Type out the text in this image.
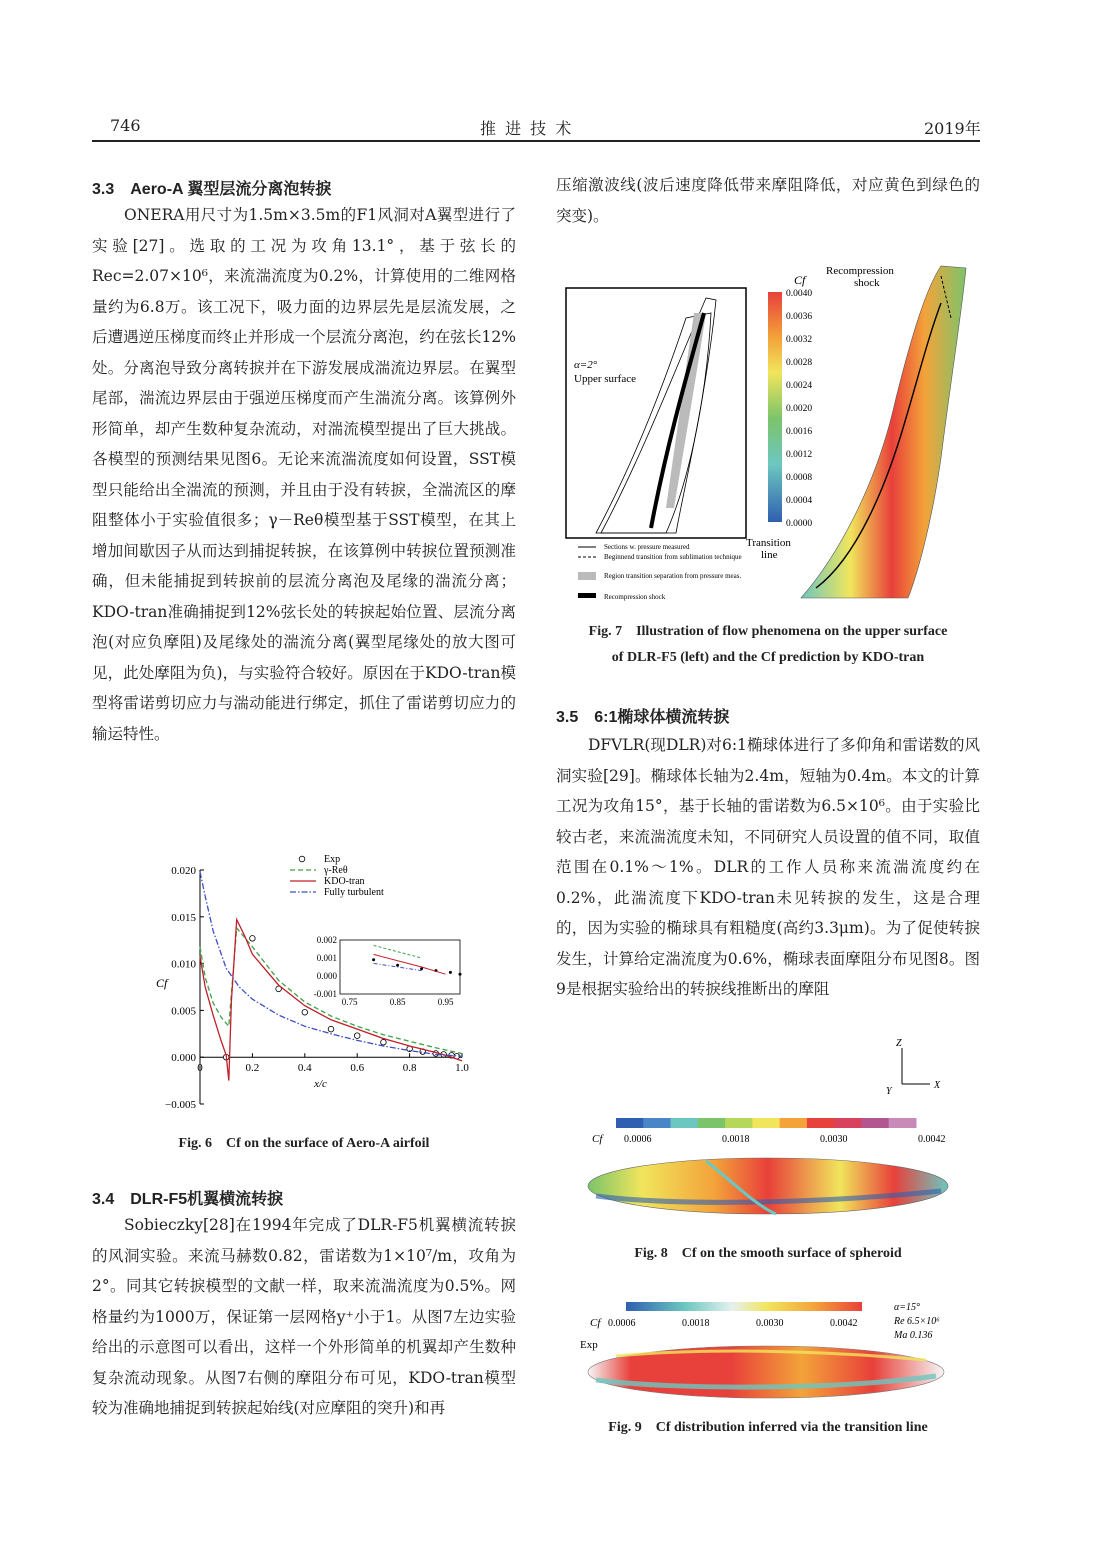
746	推 进 技 术	2019年
3.3　Aero-A 翼型层流分离泡转捩
ONERA用尺寸为1.5m×3.5m的F1风洞对A翼型进行了实验[27]。选取的工况为攻角13.1°，基于弦长的 Rec=2.07×10⁶，来流湍流度为0.2%，计算使用的二维网格量约为6.8万。该工况下，吸力面的边界层先是层流发展，之后遭遇逆压梯度而终止并形成一个层流分离泡，约在弦长12%处。分离泡导致分离转捩并在下游发展成湍流边界层。在翼型尾部，湍流边界层由于强逆压梯度而产生湍流分离。该算例外形简单，却产生数种复杂流动，对湍流模型提出了巨大挑战。各模型的预测结果见图6。无论来流湍流度如何设置，SST模型只能给出全湍流的预测，并且由于没有转捩，全湍流区的摩阻整体小于实验值很多；γ－Reθ模型基于SST模型，在其上增加间歇因子从而达到捕捉转捩，在该算例中转捩位置预测准确，但未能捕捉到转捩前的层流分离泡及尾缘的湍流分离；KDO-tran准确捕捉到12%弦长处的转捩起始位置、层流分离泡(对应负摩阻)及尾缘处的湍流分离(翼型尾缘处的放大图可见，此处摩阻为负)，与实验符合较好。原因在于KDO-tran模型将雷诺剪切应力与湍动能进行绑定，抓住了雷诺剪切应力的输运特性。
−0.005
0.000
0.005
0.010
0.015
0.020
0	0.2	0.4	0.6	0.8	1.0
x/c
Cf
Exp
γ-Reθ
KDO-tran
Fully turbulent
0.002
0.001
0.000
-0.001
0.75	0.85	0.95
Fig. 6　Cf on the surface of Aero-A airfoil
3.4　DLR-F5机翼横流转捩
Sobieczky[28]在1994年完成了DLR-F5机翼横流转捩的风洞实验。来流马赫数0.82，雷诺数为1×10⁷/m，攻角为2°。同其它转捩模型的文献一样，取来流湍流度为0.5%。网格量约为1000万，保证第一层网格y⁺小于1。从图7左边实验给出的示意图可以看出，这样一个外形简单的机翼却产生数种复杂流动现象。从图7右侧的摩阻分布可见，KDO-tran模型较为准确地捕捉到转捩起始线(对应摩阻的突升)和再
压缩激波线(波后速度降低带来摩阻降低，对应黄色到绿色的突变)。
α=2°
Upper surface
Sections w. pressure measured
Beginnend transition from sublimation technique
Region transition separation from pressure meas.
Recompression shock
Cf
0.0040
0.0036
0.0032
0.0028
0.0024
0.0020
0.0016
0.0012
0.0008
0.0004
0.0000
Recompression
shock
Transition
line
Fig. 7　Illustration of flow phenomena on the upper surface
of DLR-F5 (left) and the Cf prediction by KDO-tran
3.5　6:1椭球体横流转捩
DFVLR(现DLR)对6:1椭球体进行了多仰角和雷诺数的风洞实验[29]。椭球体长轴为2.4m，短轴为0.4m。本文的计算工况为攻角15°，基于长轴的雷诺数为6.5×10⁶。由于实验比较古老，来流湍流度未知，不同研究人员设置的值不同，取值范围在0.1%～1%。DLR的工作人员称来流湍流度约在0.2%，此湍流度下KDO-tran未见转捩的发生，这是合理的，因为实验的椭球具有粗糙度(高约3.3μm)。为了促使转捩发生，计算给定湍流度为0.6%，椭球表面摩阻分布见图8。图9是根据实验给出的转捩线推断出的摩阻
Z
Y
X
Cf 0.0006	0.0018	0.0030	0.0042
Fig. 8　Cf on the smooth surface of spheroid
Cf 0.0006	0.0018	0.0030	0.0042
Exp
α=15°
Re 6.5×10⁶
Ma 0.136
Fig. 9　Cf distribution inferred via the transition line
